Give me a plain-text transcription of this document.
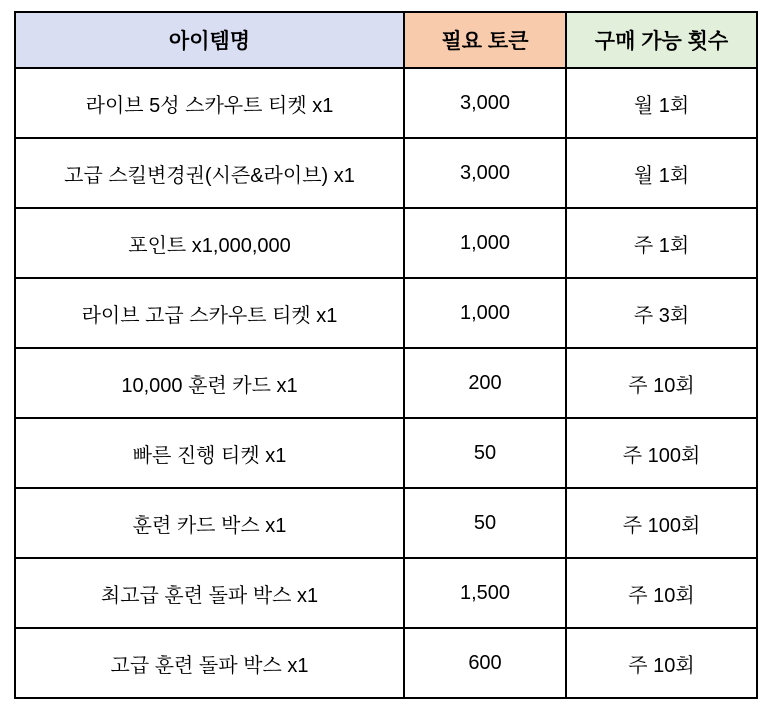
아이템명	필요 토큰	구매 가능 횟수
라이브 5성 스카우트 티켓 x1	3,000	월 1회
고급 스킬변경권(시즌&라이브) x1	3,000	월 1회
포인트 x1,000,000	1,000	주 1회
라이브 고급 스카우트 티켓 x1	1,000	주 3회
10,000 훈련 카드 x1	200	주 10회
빠른 진행 티켓 x1	50	주 100회
훈련 카드 박스 x1	50	주 100회
최고급 훈련 돌파 박스 x1	1,500	주 10회
고급 훈련 돌파 박스 x1	600	주 10회
